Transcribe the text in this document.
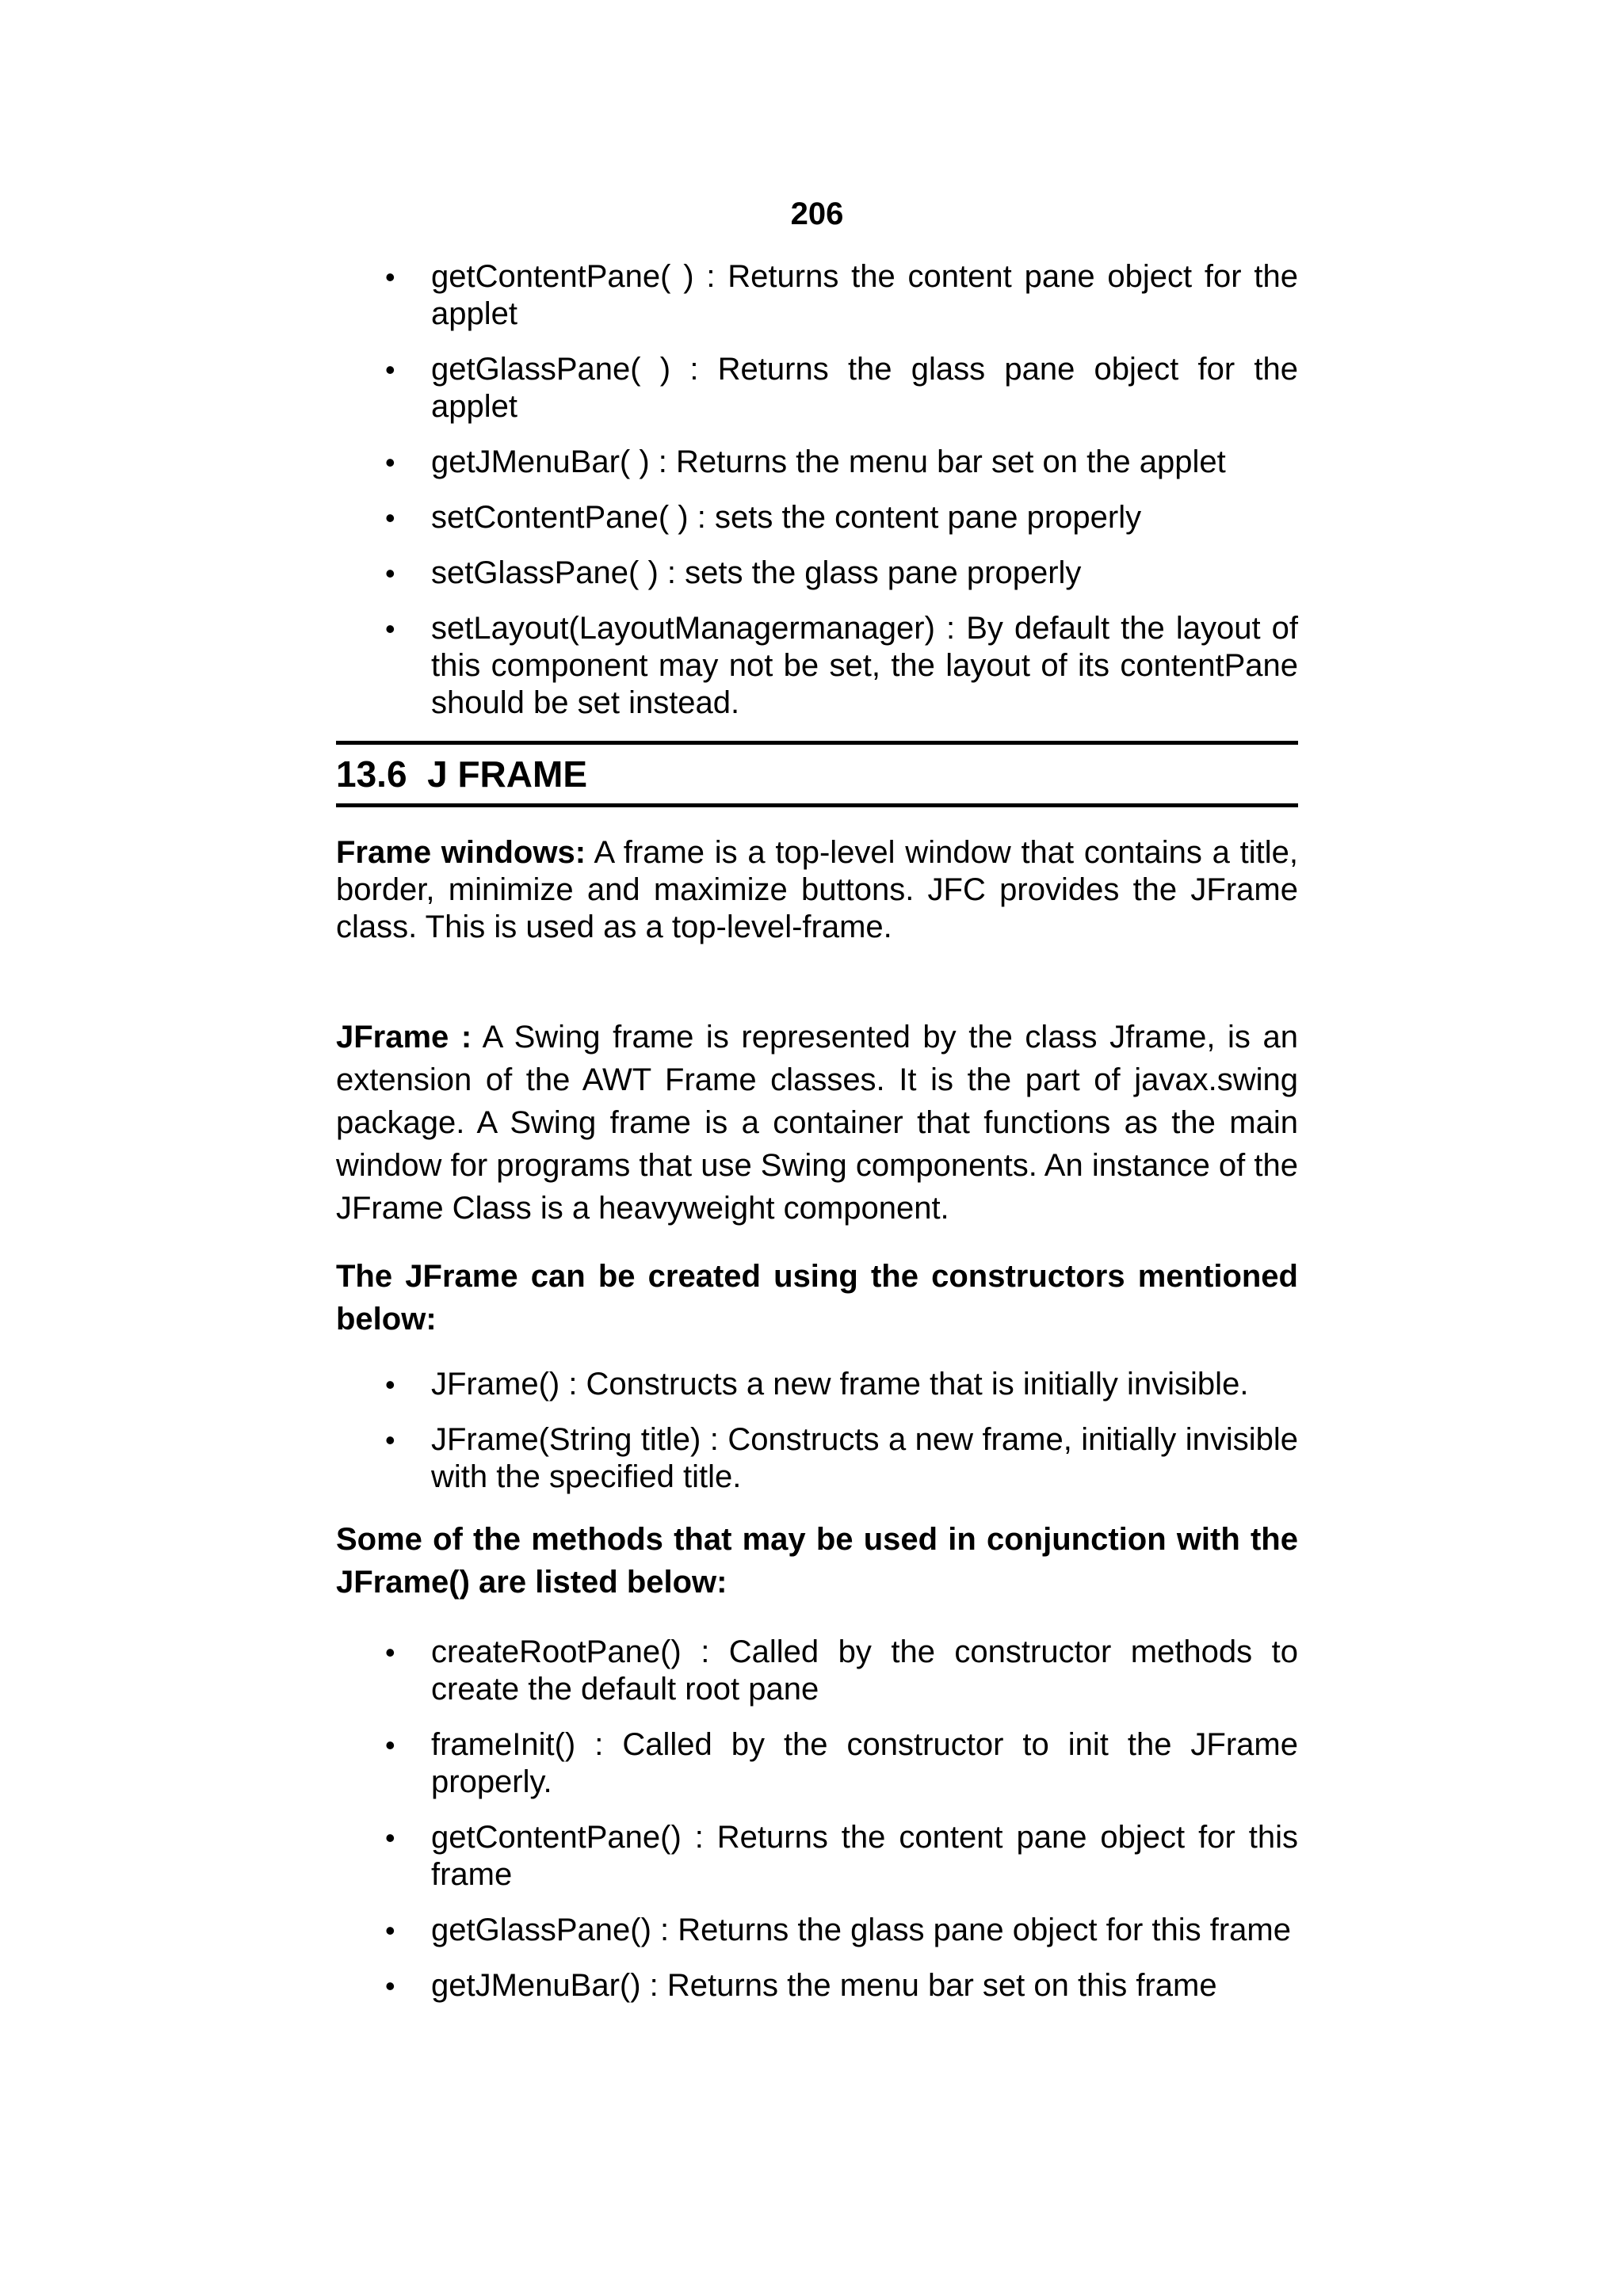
206
• getContentPane( ) : Returns the content pane object for the applet
• getGlassPane( ) : Returns the glass pane object for the applet
• getJMenuBar( ) : Returns the menu bar set on the applet
• setContentPane( ) : sets the content pane properly
• setGlassPane( ) : sets the glass pane properly
• setLayout(LayoutManagermanager) : By default the layout of this component may not be set, the layout of its contentPane should be set instead.
13.6 J FRAME

Frame windows: A frame is a top-level window that contains a title, border, minimize and maximize buttons. JFC provides the JFrame class. This is used as a top-level-frame.

JFrame : A Swing frame is represented by the class Jframe, is an extension of the AWT Frame classes. It is the part of javax.swing package. A Swing frame is a container that functions as the main window for programs that use Swing components. An instance of the JFrame Class is a heavyweight component.

The JFrame can be created using the constructors mentioned below:

• JFrame() : Constructs a new frame that is initially invisible.
• JFrame(String title) : Constructs a new frame, initially invisible with the specified title.

Some of the methods that may be used in conjunction with the JFrame() are listed below:

• createRootPane() : Called by the constructor methods to create the default root pane
• frameInit() : Called by the constructor to init the JFrame properly.
• getContentPane() : Returns the content pane object for this frame
• getGlassPane() : Returns the glass pane object for this frame
• getJMenuBar() : Returns the menu bar set on this frame
